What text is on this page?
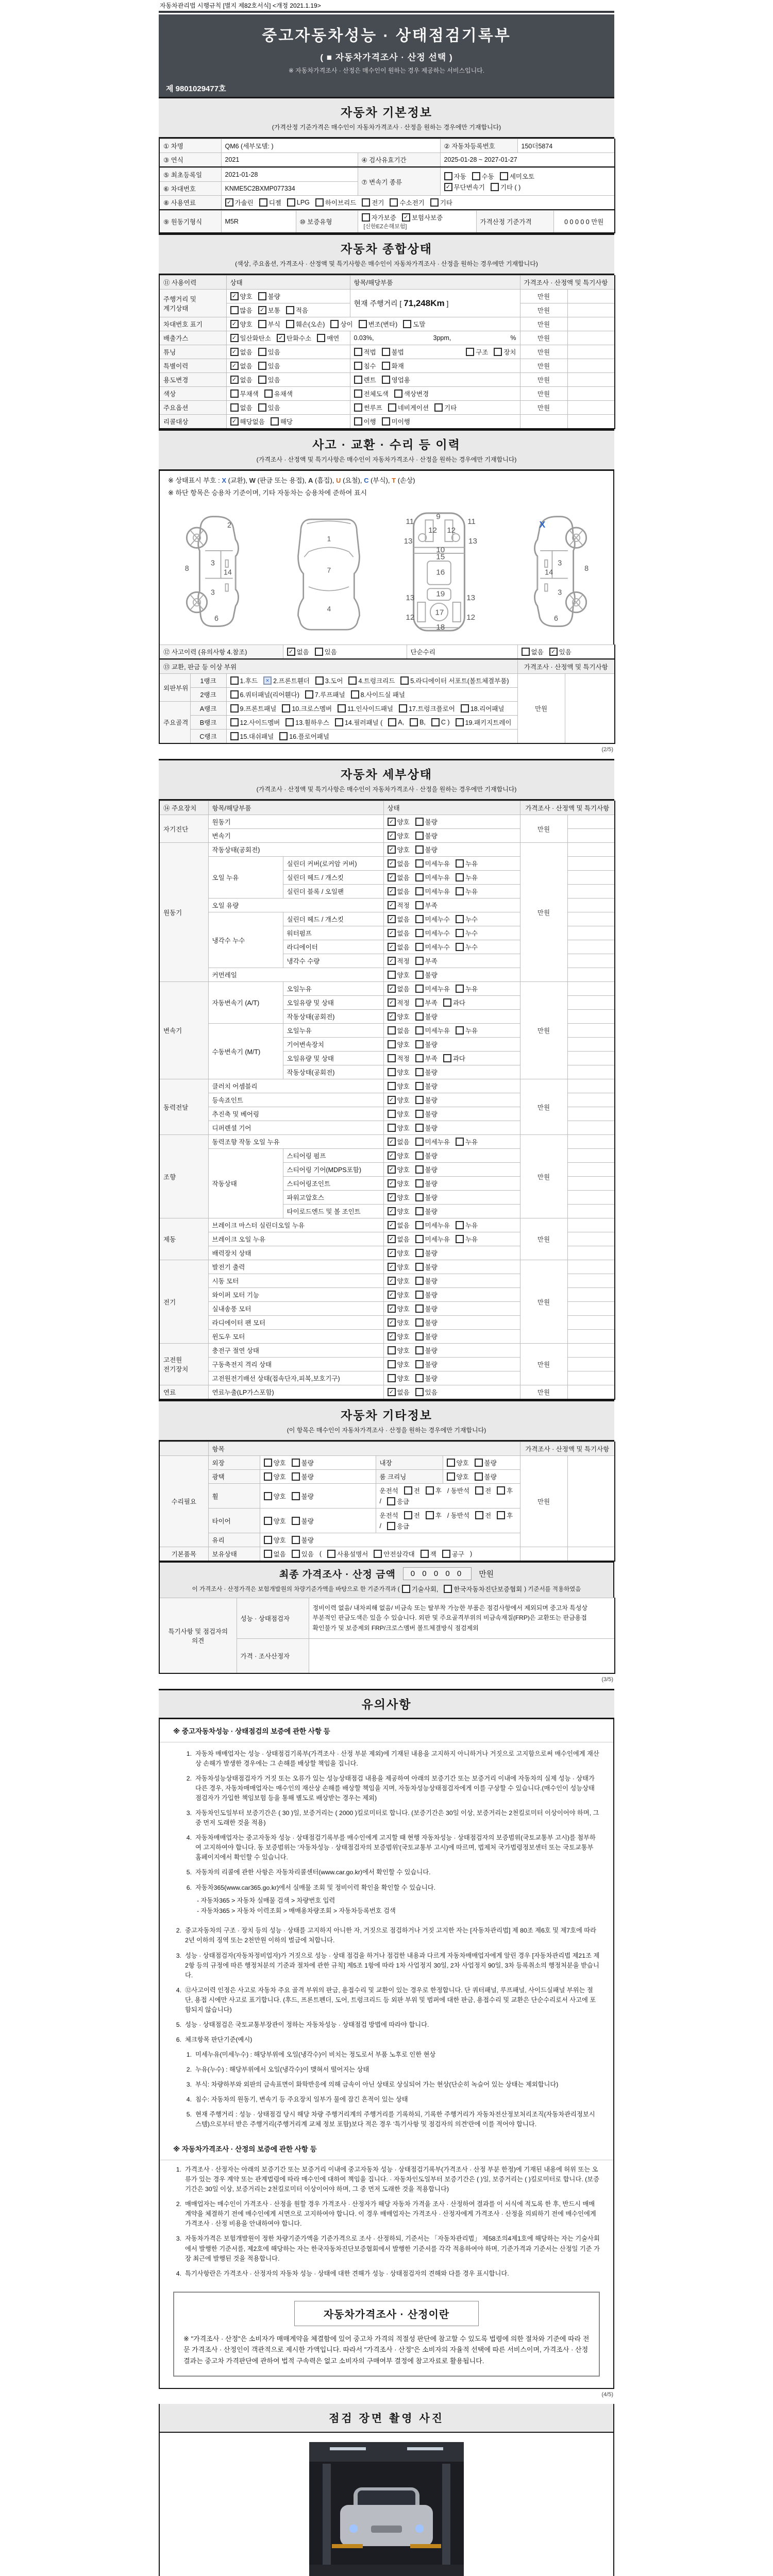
자동차관리법 시행규칙 [별지 제82호서식] <개정 2021.1.19>
중고자동차성능 · 상태점검기록부
( ■ 자동차가격조사 · 산정 선택 )
※ 자동차가격조사 · 산정은 매수인이 원하는 경우 제공하는 서비스입니다.
제 9801029477호
자동차 기본정보
(가격산정 기준가격은 매수인이 자동차가격조사 · 산정을 원하는 경우에만 기재합니다)
① 차명	QM6 (세부모델: )		② 자동차등록번호	150더5874
③ 연식	2021	④ 검사유효기간	2025-01-28 ~ 2027-01-27	
⑤ 최초등록일	2021-01-28	⑦ 변속기 종류	
자동 수동 세미오토
✓ 무단변속기 기타 ( )

⑥ 차대번호	KNME5C2BXMP077334		
⑧ 사용연료	✓ 가솔린 디젤 LPG 하이브리드 전기 수소전기 기타
⑨ 원동기형식	M5R	⑩ 보증유형	
자가보증	✓ 보험사보증
[신한EZ손해보험]	가격산정 기준가격	0 0 0 0 0 만원
자동차 종합상태
(색상, 주요옵션, 가격조사 · 산정액 및 특기사항은 매수인이 자동차가격조사 · 산정을 원하는 경우에만 기재합니다)
⑪ 사용이력	상태	항목/해당부품	가격조사 · 산정액 및 특기사항	
주행거리 및 계기상태	✓ 양호 불량	현재 주행거리 [ 71,248Km ]	만원	

	많음 ✓ 보통 적음		만원	
차대번호 표기	✓ 양호 부식 훼손(오손) 상이 변조(변타) 도말	만원	
배출가스	✓ 일산화탄소 ✓ 탄화수소 매연	0.03%, 3ppm, %	만원	
튜닝	✓ 없음 있음	적법 불법 구조 장치	만원	
특별이력	✓ 없음 있음	침수 화재	만원	
용도변경	✓ 없음 있음	렌트 영업용	만원	
색상	무채색 유채색	전체도색 색상변경	만원	
주요옵션	없음 있음	썬루프 네비게이션 기타	만원	
리콜대상	✓ 해당없음 해당	이행 미이행		

사고 · 교환 · 수리 등 이력
(가격조사 · 산정액 및 특기사항은 매수인이 자동차가격조사 · 산정을 원하는 경우에만 기재합니다)
※ 상태표시 부호 : X (교환), W (판금 또는 용접), A (흠집), U (요철), C (부식), T (손상)
※ 하단 항목은 승용차 기준이며, 기타 자동차는 승용차에 준하여 표시
2
8
3
14
3
6
1
7
4
9
11	11
12 12
13	13
10
15
16
19
13	13
17
12	12
18
X
8
3
14
3
6
⑫ 사고이력 (유의사항 4.참조)	✓ 없음 있음	단순수리	없음	✓ 있음
⑬ 교환, 판금 등 이상 부위			가격조사 · 산정액 및 특기사항	
외판부위	1랭크	1.후드	✕ 2.프론트휀더 3.도어 4.트렁크리드 5.라디에이터 서포트(볼트체결부품)
	만원	
	2랭크	6.쿼터패널(리어휀다) 7.루프패널 8.사이드실 패널		

주요골격	A랭크	9.프론트패널 10.크로스멤버 11.인사이드패널 17.트렁크플로어 18.리어패널		

B랭크	12.사이드멤버 13.휠하우스 14.필러패널 ( A, B, C ) 19.패키지트레이

	C랭크	15.대쉬패널 16.플로어패널		
(2/5)
자동차 세부상태
(가격조사 · 산정액 및 특기사항은 매수인이 자동차가격조사 · 산정을 원하는 경우에만 기재합니다)
⑭ 주요장치	항목/해당부품		상태	가격조사 · 산정액 및 특기사항	
자기진단	원동기		✓ 양호 불량	만원	
	변속기		✓ 양호 불량		

원동기	작동상태(공회전)		✓ 양호 불량	만원	
	오일 누유	실린더 커버(로커암 커버)	✓ 없음 미세누유 누유		

		실린더 헤드 / 개스킷	✓ 없음 미세누유 누유		

		실린더 블록 / 오일팬	✓ 없음 미세누유 누유		

	오일 유량		✓ 적정 부족		

	냉각수 누수	실린더 헤드 / 개스킷	✓ 없음 미세누수 누수		

		워터펌프	✓ 없음 미세누수 누수		

		라디에이터	✓ 없음 미세누수 누수		

		냉각수 수량	✓ 적정 부족		

	커먼레일		양호 불량		

변속기	자동변속기 (A/T)	오일누유	✓ 없음 미세누유 누유	만원	
		오일유량 및 상태	✓ 적정 부족 과다		

		작동상태(공회전)	✓ 양호 불량		

	수동변속기 (M/T)	오일누유	없음 미세누유 누유		

		기어변속장치	양호 불량		

		오일유량 및 상태	적정 부족 과다		

		작동상태(공회전)	양호 불량		

동력전달	클러치 어셈블리		양호 불량	만원	
	등속죠인트		✓ 양호 불량		

	추진축 및 베어링		양호 불량		

	디퍼렌셜 기어		양호 불량		

조향	동력조향 작동 오일 누유		✓ 없음 미세누유 누유	만원	
	작동상태	스티어링 펌프	✓ 양호 불량		

		스티어링 기어(MDPS포함)	✓ 양호 불량		

		스티어링조인트	✓ 양호 불량		

		파워고압호스	✓ 양호 불량		

		타이로드엔드 및 볼 조인트	✓ 양호 불량		

제동	브레이크 마스터 실린더오일 누유		✓ 없음 미세누유 누유	만원	
	브레이크 오일 누유		✓ 없음 미세누유 누유		

	배력장치 상태		✓ 양호 불량		

전기	발전기 출력		✓ 양호 불량	만원	
	시동 모터		✓ 양호 불량		

	와이퍼 모터 기능		✓ 양호 불량		

	실내송풍 모터		✓ 양호 불량		

	라디에이터 팬 모터		✓ 양호 불량		

	윈도우 모터		✓ 양호 불량		

고전원 전기장치	충전구 절연 상태		양호 불량	만원	
	구동축전지 격리 상태		양호 불량		

	고전원전기배선 상태(접속단자,피복,보호기구)		양호 불량		

연료	연료누출(LP가스포함)		✓ 없음 있음	만원	
자동차 기타정보
(이 항목은 매수인이 자동차가격조사 · 산정을 원하는 경우에만 기재합니다)
	항목				가격조사 · 산정액 및 특기사항	
수리필요	외장	양호 불량	내장	양호 불량	만원	
	광택	양호 불량	룸 크리닝	양호 불량		

휠	양호 불량

운전석 전 후 / 동반석 전 후
/ 응급

타이어	양호 불량

운전석 전 후 / 동반석 전 후
/ 응급

	유리	양호 불량				

기본품목	보유상태	없음 있음 ( 사용설명서 안전삼각대 잭 공구 )

최종 가격조사 · 산정 금액	0 0 0 0 0	만원
이 가격조사 · 산정가격은 보험개발원의 차량기준가액을 바탕으로 한 기준가격과 ( 기술사회, 한국자동차진단보증협회 ) 기준서를 적용하였음
특기사항 및 점검자의 의견	성능 · 상태점검자	정비이력 없음/ 내차피해 없음/ 비금속 또는 탈부착 가능한 부품은 점검사항에서 제외되며 중고차 특성상 부분적인 판금도색은 있을 수 있습니다. 외판 및 주요골격부위의 비금속재질(FRP)은 교환또는 판금용접 확인불가 및 보증제외 FRP/크로스멤버 볼트체결방식 점검제외
	가격 · 조사산정자	
(3/5)
유의사항
※ 중고자동차성능 · 상태점검의 보증에 관한 사항 등
1. 자동차 매매업자는 성능 · 상태점검기록부(가격조사 · 산정 부분 제외)에 기재된 내용을 고지하지 아니하거나 거짓으로 고지함으로써 매수인에게 재산상 손해가 발생한 경우에는 그 손해를 배상할 책임을 집니다.
2. 자동차성능상태점검자가 거짓 또는 오류가 있는 성능상태점검 내용을 제공하여 아래의 보증기간 또는 보증거리 이내에 자동차의 실제 성능 · 상태가 다른 경우, 자동차매매업자는 매수인의 재산상 손해를 배상할 책임을 지며, 자동차성능상태점검자에게 이를 구상할 수 있습니다.(매수인이 성능상태점검자가 가입한 책임보험 등을 통해 별도로 배상받는 경우는 제외)
3. 자동차인도일부터 보증기간은 ( 30 )일, 보증거리는 ( 2000 )킬로미터로 합니다. (보증기간은 30일 이상, 보증거리는 2천킬로미터 이상이어야 하며, 그 중 먼저 도래한 것을 적용)
4. 자동차매매업자는 중고자동차 성능 · 상태점검기록부를 매수인에게 고지할 때 현행 자동차성능 · 상태점검자의 보증범위(국토교통부 고시)를 첨부하여 고지하여야 합니다. 동 보증범위는 '자동차성능 · 상태점검자의 보증범위'(국토교통부 고시)에 따르며, 법제처 국가법령정보센터 또는 국토교통부 홈페이지에서 확인할 수 있습니다.
5. 자동차의 리콜에 관한 사항은 자동차리콜센터(www.car.go.kr)에서 확인할 수 있습니다.
6. 자동차365(www.car365.go.kr)에서 실매물 조회 및 정비이력 확인을 확인할 수 있습니다.
- 자동차365 > 자동차 실매물 검색 > 차량번호 입력
- 자동차365 > 자동차 이력조회 > 매매용차량조회 > 자동차등록번호 검색
2. 중고자동차의 구조 · 장치 등의 성능 · 상태를 고지하지 아니한 자, 거짓으로 점검하거나 거짓 고지한 자는 [자동차관리법] 제 80조 제6호 및 제7호에 따라 2년 이하의 징역 또는 2천만원 이하의 벌금에 처합니다.
3. 성능 · 상태점검자(자동차정비업자)가 거짓으로 성능 · 상태 점검을 하거나 점검한 내용과 다르게 자동차매매업자에게 알린 경우 [자동차관리법 제21조 제2항 등의 규정에 따른 행정처분의 기준과 절차에 관한 규칙] 제5조 1항에 따라 1차 사업정지 30일, 2차 사업정지 90일, 3차 등록취소의 행정처분을 받습니다.
4. ⑫사고이력 인정은 사고로 자동차 주요 골격 부위의 판금, 용접수리 및 교환이 있는 경우로 한정합니다. 단 쿼터패널, 루프패널, 사이드실패널 부위는 절단, 용접 시에만 사고로 표기합니다. (후드, 프론트펜더, 도어, 트렁크리드 등 외판 부위 및 범퍼에 대한 판금, 용접수리 및 교환은 단순수리로서 사고에 포함되지 않습니다)
5. 성능 · 상태점검은 국토교통부장관이 정하는 자동차성능 · 상태점검 방법에 따라야 합니다.
6. 체크항목 판단기준(예시)
1. 미세누유(미세누수) : 해당부위에 오일(냉각수)이 비치는 정도로서 부품 노후로 인한 현상
2. 누유(누수) : 해당부위에서 오일(냉각수)이 맺혀서 떨어지는 상태
3. 부식: 차량하부와 외판의 금속표면이 화학반응에 의해 금속이 아닌 상태로 상실되어 가는 현상(단순히 녹슬어 있는 상태는 제외합니다)
4. 침수: 자동차의 원동기, 변속기 등 주요장치 일부가 물에 잠긴 흔적이 있는 상태
5. 현재 주행거리 : 성능 · 상태점검 당시 해당 차량 주행거리계의 주행거리를 기록하되, 기록한 주행거리가 자동차전산정보처리조직(자동차관리정보시스템)으로부터 받은 주행거리(주행거리계 교체 정보 포함)보다 적은 경우 '특기사항 및 점검자의 의견'란에 이를 적어야 합니다.
※ 자동차가격조사 · 산정의 보증에 관한 사항 등
1. 가격조사 · 산정자는 아래의 보증기간 또는 보증거리 이내에 중고자동차 성능 · 상태점검기록부(가격조사 · 산정 부분 한정)에 기재된 내용에 허위 또는 오류가 있는 경우 계약 또는 관계법령에 따라 매수인에 대하여 책임을 집니다. · 자동차인도일부터 보증기간은 ( )일, 보증거리는 ( )킬로미터로 합니다. (보증기간은 30일 이상, 보증거리는 2천킬로미터 이상이어야 하며, 그 중 먼저 도래한 것을 적용합니다)
2. 매매업자는 매수인이 가격조사 · 산정을 원할 경우 가격조사 · 산정자가 해당 자동차 가격을 조사 · 산정하여 결과를 이 서식에 적도록 한 후, 반드시 매매계약을 체결하기 전에 매수인에게 서면으로 고지하여야 합니다. 이 경우 매매업자는 가격조사 · 산정자에게 가격조사 · 산정을 의뢰하기 전에 매수인에게 가격조사 · 산정 비용을 안내하여야 합니다.
3. 자동차가격은 보험개발원이 정한 차량기준가액을 기준가격으로 조사 · 산정하되, 기준서는 「자동차관리법」 제58조의4제1호에 해당하는 자는 기술사회에서 발행한 기준서를, 제2호에 해당하는 자는 한국자동차진단보증협회에서 발행한 기준서를 각각 적용하여야 하며, 기준가격과 기준서는 산정일 기준 가장 최근에 발행된 것을 적용합니다.
4. 특기사항란은 가격조사 · 산정자의 자동차 성능 · 상태에 대한 견해가 성능 · 상태점검자의 견해와 다를 경우 표시합니다.
자동차가격조사 · 산정이란
※ "가격조사 · 산정"은 소비자가 매매계약을 체결함에 있어 중고차 가격의 적절성 판단에 참고할 수 있도록 법령에 의한 절차와 기준에 따라 전문 가격조사 · 산정인이 객관적으로 제시한 가액입니다. 따라서 "가격조사 · 산정"은 소비자의 자율적 선택에 따른 서비스이며, 가격조사 · 산정 결과는 중고차 가격판단에 관하여 법적 구속력은 없고 소비자의 구매여부 결정에 참고자료로 활용됩니다.
(4/5)
점검 장면 촬영 사진
